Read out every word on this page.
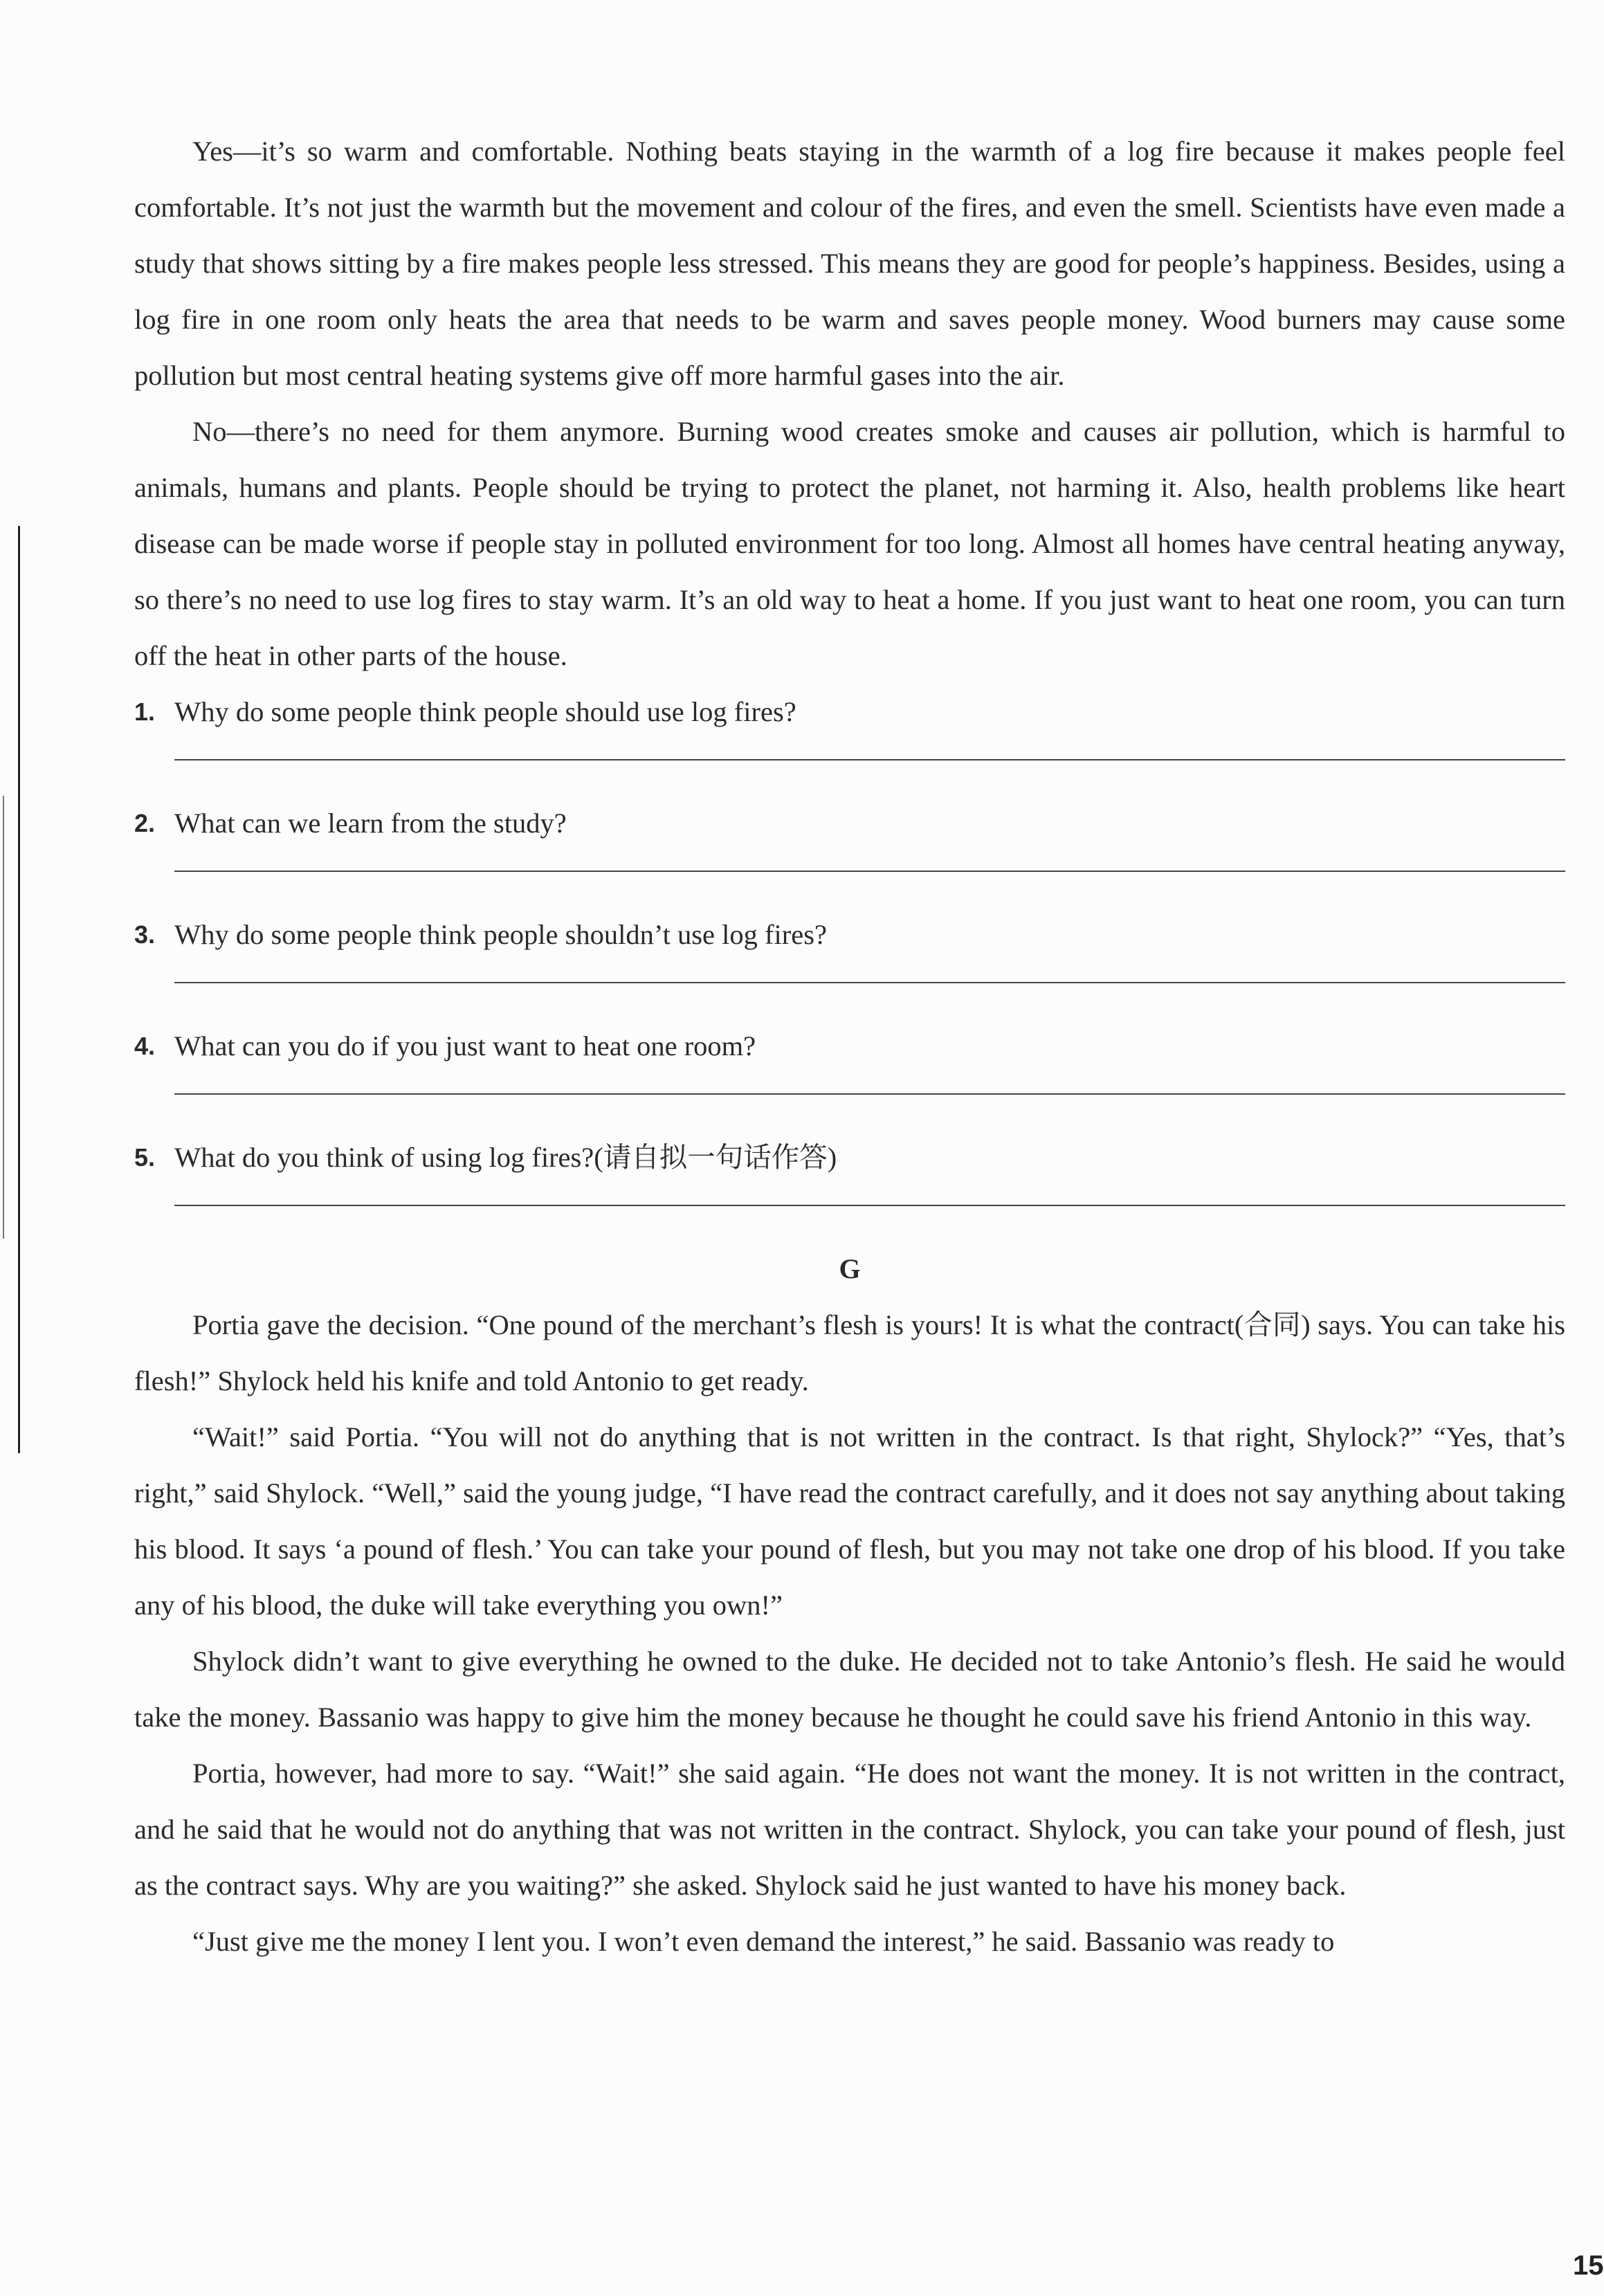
Yes—it’s so warm and comfortable. Nothing beats staying in the warmth of a log fire because it makes people feel comfortable. It’s not just the warmth but the movement and colour of the fires, and even the smell. Scientists have even made a study that shows sitting by a fire makes people less stressed. This means they are good for people’s happiness. Besides, using a log fire in one room only heats the area that needs to be warm and saves people money. Wood burners may cause some pollution but most central heating systems give off more harmful gases into the air.

No—there’s no need for them anymore. Burning wood creates smoke and causes air pollution, which is harmful to animals, humans and plants. People should be trying to protect the planet, not harming it. Also, health problems like heart disease can be made worse if people stay in polluted environment for too long. Almost all homes have central heating anyway, so there’s no need to use log fires to stay warm. It’s an old way to heat a home. If you just want to heat one room, you can turn off the heat in other parts of the house.

1. Why do some people think people should use log fires?
2. What can we learn from the study?
3. Why do some people think people shouldn’t use log fires?
4. What can you do if you just want to heat one room?
5. What do you think of using log fires?(请自拟一句话作答)

G

Portia gave the decision. “One pound of the merchant’s flesh is yours! It is what the contract(合同) says. You can take his flesh!” Shylock held his knife and told Antonio to get ready.

“Wait!” said Portia. “You will not do anything that is not written in the contract. Is that right, Shylock?” “Yes, that’s right,” said Shylock. “Well,” said the young judge, “I have read the contract carefully, and it does not say anything about taking his blood. It says ‘a pound of flesh.’ You can take your pound of flesh, but you may not take one drop of his blood. If you take any of his blood, the duke will take everything you own!”

Shylock didn’t want to give everything he owned to the duke. He decided not to take Antonio’s flesh. He said he would take the money. Bassanio was happy to give him the money because he thought he could save his friend Antonio in this way.

Portia, however, had more to say. “Wait!” she said again. “He does not want the money. It is not written in the contract, and he said that he would not do anything that was not written in the contract. Shylock, you can take your pound of flesh, just as the contract says. Why are you waiting?” she asked. Shylock said he just wanted to have his money back.

“Just give me the money I lent you. I won’t even demand the interest,” he said. Bassanio was ready to

15
